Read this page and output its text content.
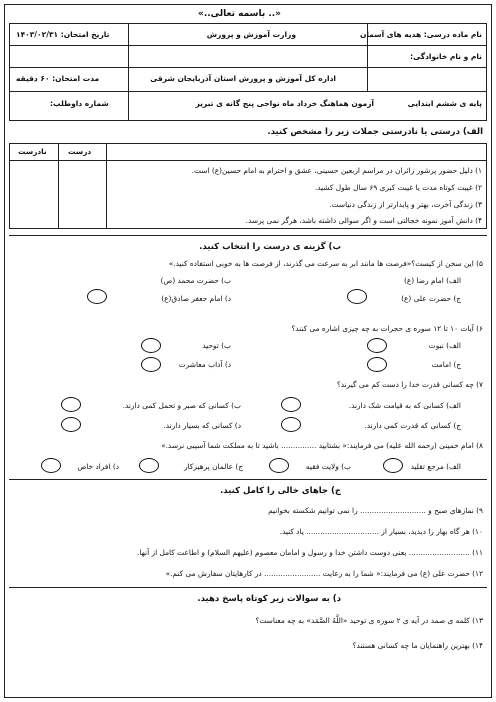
«.. باسمه تعالی..»
نام ماده درسی: هدیه های آسمان
وزارت آموزش و پرورش
تاریخ امتحان: ۱۴۰۳/۰۲/۳۱
نام و نام خانوادگی:
اداره کل آموزش و پرورش استان آذربایجان شرقی
مدت امتحان: ۶۰ دقیقه
پایه ی ششم ابتدایی
آزمون هماهنگ خرداد ماه نواحی پنج گانه ی تبریز
شماره داوطلب:
الف) درستی یا نادرستی جملات زیر را مشخص کنید.
درست
نادرست
۱) دلیل حضور پرشور زائران در مراسم اربعین حسینی، عشق و احترام به امام حسین(ع) است.
۲) غیبت کوتاه مدت یا غیبت کبری ۶۹ سال طول کشید.
۳) زندگی آخرت، بهتر و پایدارتر از زندگی دنیاست.
۴) دانش آموز نمونه خجالتی است و اگر سوالی داشته باشد، هرگز نمی پرسد.
ب) گزینه ی درست را انتخاب کنید.
۵) این سخن از کیست؟«فرصت ها مانند ابر به سرعت می گذرند، از فرصت ها به خوبی استفاده کنید.»
الف) امام رضا (ع)
ب) حضرت محمد (ص)
ج) حضرت علی (ع)
د) امام جعفر صادق(ع)
۶) آیات ۱۰ تا ۱۲ سوره ی حجرات به چه چیزی اشاره می کنند؟
الف) نبوت
ب) توحید
ج) امامت
د) آداب معاشرت
۷) چه کسانی قدرت خدا را دست کم می گیرند؟
الف) کسانی که به قیامت شک دارند.
ب) کسانی که صبر و تحمل کمی دارند.
ج) کسانی که قدرت کمی دارند.
د) کسانی که بسیار دارند.
۸) امام خمینی (رحمه الله علیه) می فرمایند:« بشتابید ............... باشید تا به مملکت شما آسیبی نرسد.»
الف) مرجع تقلید
ب) ولایت فقیه
ج) عالمان پرهیزکار
د) افراد خاص
ج) جاهای خالی را کامل کنید.
۹) نمازهای صبح و ............................ را نمی توانیم شکسته بخوانیم
۱۰) هر گاه بهار را دیدید، بسیار از ............................... یاد کنید.
۱۱) .......................... یعنی دوست داشتن خدا و رسول و امامان معصوم (علیهم السلام) و اطاعت کامل از آنها.
۱۲) حضرت علی (ع) می فرمایند:« شما را به رعایت ........................ در کارهایتان سفارش می کنم.»
د) به سوالات زیر کوتاه پاسخ دهید.
۱۳) کلمه ی صمد در آیه ی ۲ سوره ی توحید «اللَّهُ الصَّمَد» به چه معناست؟
۱۴) بهترین راهنمایان ما چه کسانی هستند؟
